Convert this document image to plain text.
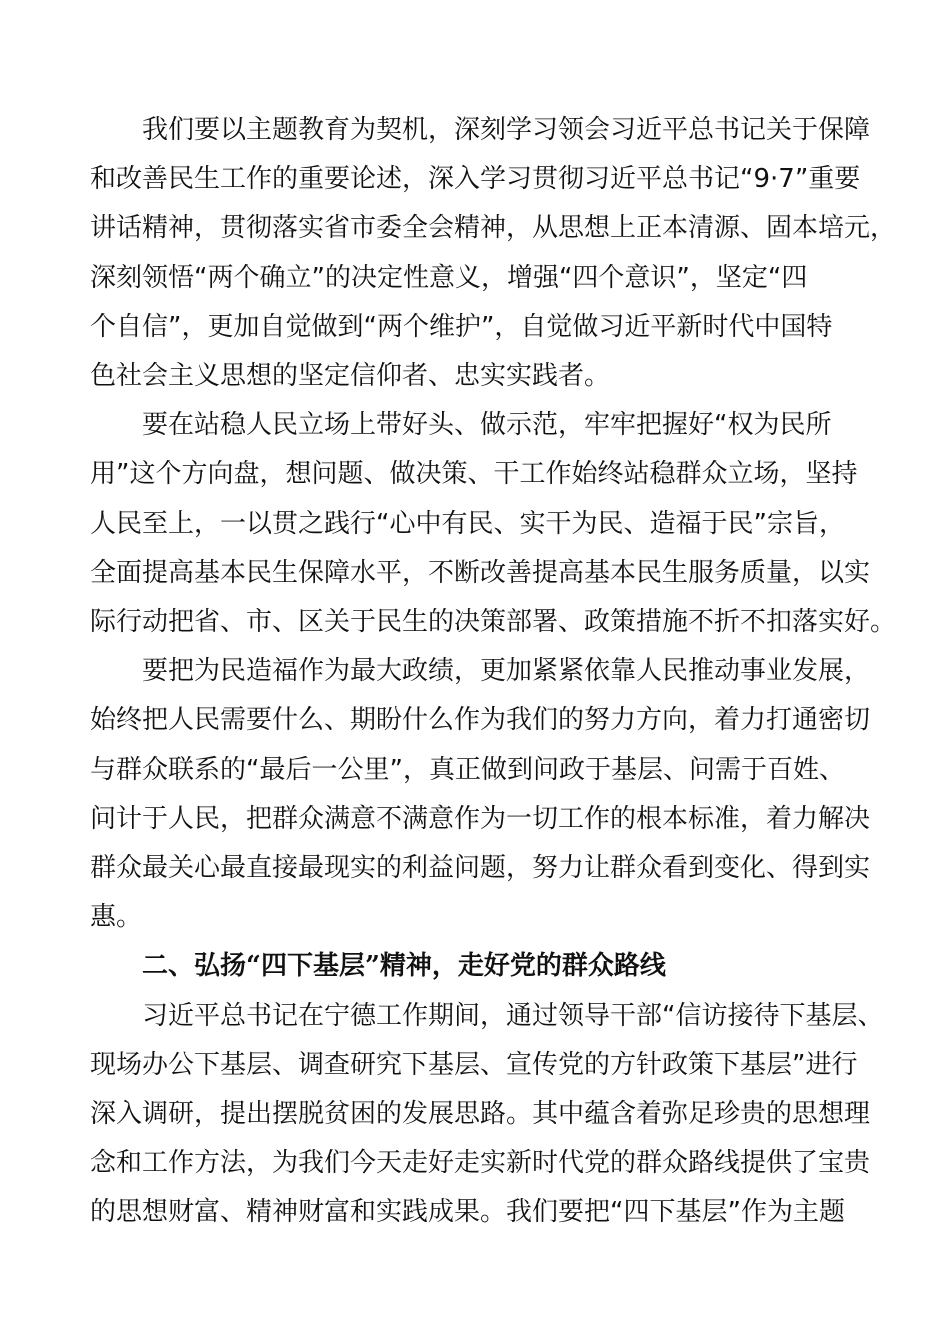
我们要以主题教育为契机，深刻学习领会习近平总书记关于保障
和改善民生工作的重要论述，深入学习贯彻习近平总书记“9·7”重要
讲话精神，贯彻落实省市委全会精神，从思想上正本清源、固本培元，
深刻领悟“两个确立”的决定性意义，增强“四个意识”，坚定“四
个自信”，更加自觉做到“两个维护”，自觉做习近平新时代中国特
色社会主义思想的坚定信仰者、忠实实践者。

要在站稳人民立场上带好头、做示范，牢牢把握好“权为民所
用”这个方向盘，想问题、做决策、干工作始终站稳群众立场，坚持
人民至上，一以贯之践行“心中有民、实干为民、造福于民”宗旨，
全面提高基本民生保障水平，不断改善提高基本民生服务质量，以实
际行动把省、市、区关于民生的决策部署、政策措施不折不扣落实好。

要把为民造福作为最大政绩，更加紧紧依靠人民推动事业发展，
始终把人民需要什么、期盼什么作为我们的努力方向，着力打通密切
与群众联系的“最后一公里”，真正做到问政于基层、问需于百姓、
问计于人民，把群众满意不满意作为一切工作的根本标准，着力解决
群众最关心最直接最现实的利益问题，努力让群众看到变化、得到实
惠。

二、弘扬“四下基层”精神，走好党的群众路线

习近平总书记在宁德工作期间，通过领导干部“信访接待下基层、
现场办公下基层、调查研究下基层、宣传党的方针政策下基层”进行
深入调研，提出摆脱贫困的发展思路。其中蕴含着弥足珍贵的思想理
念和工作方法，为我们今天走好走实新时代党的群众路线提供了宝贵
的思想财富、精神财富和实践成果。我们要把“四下基层”作为主题
